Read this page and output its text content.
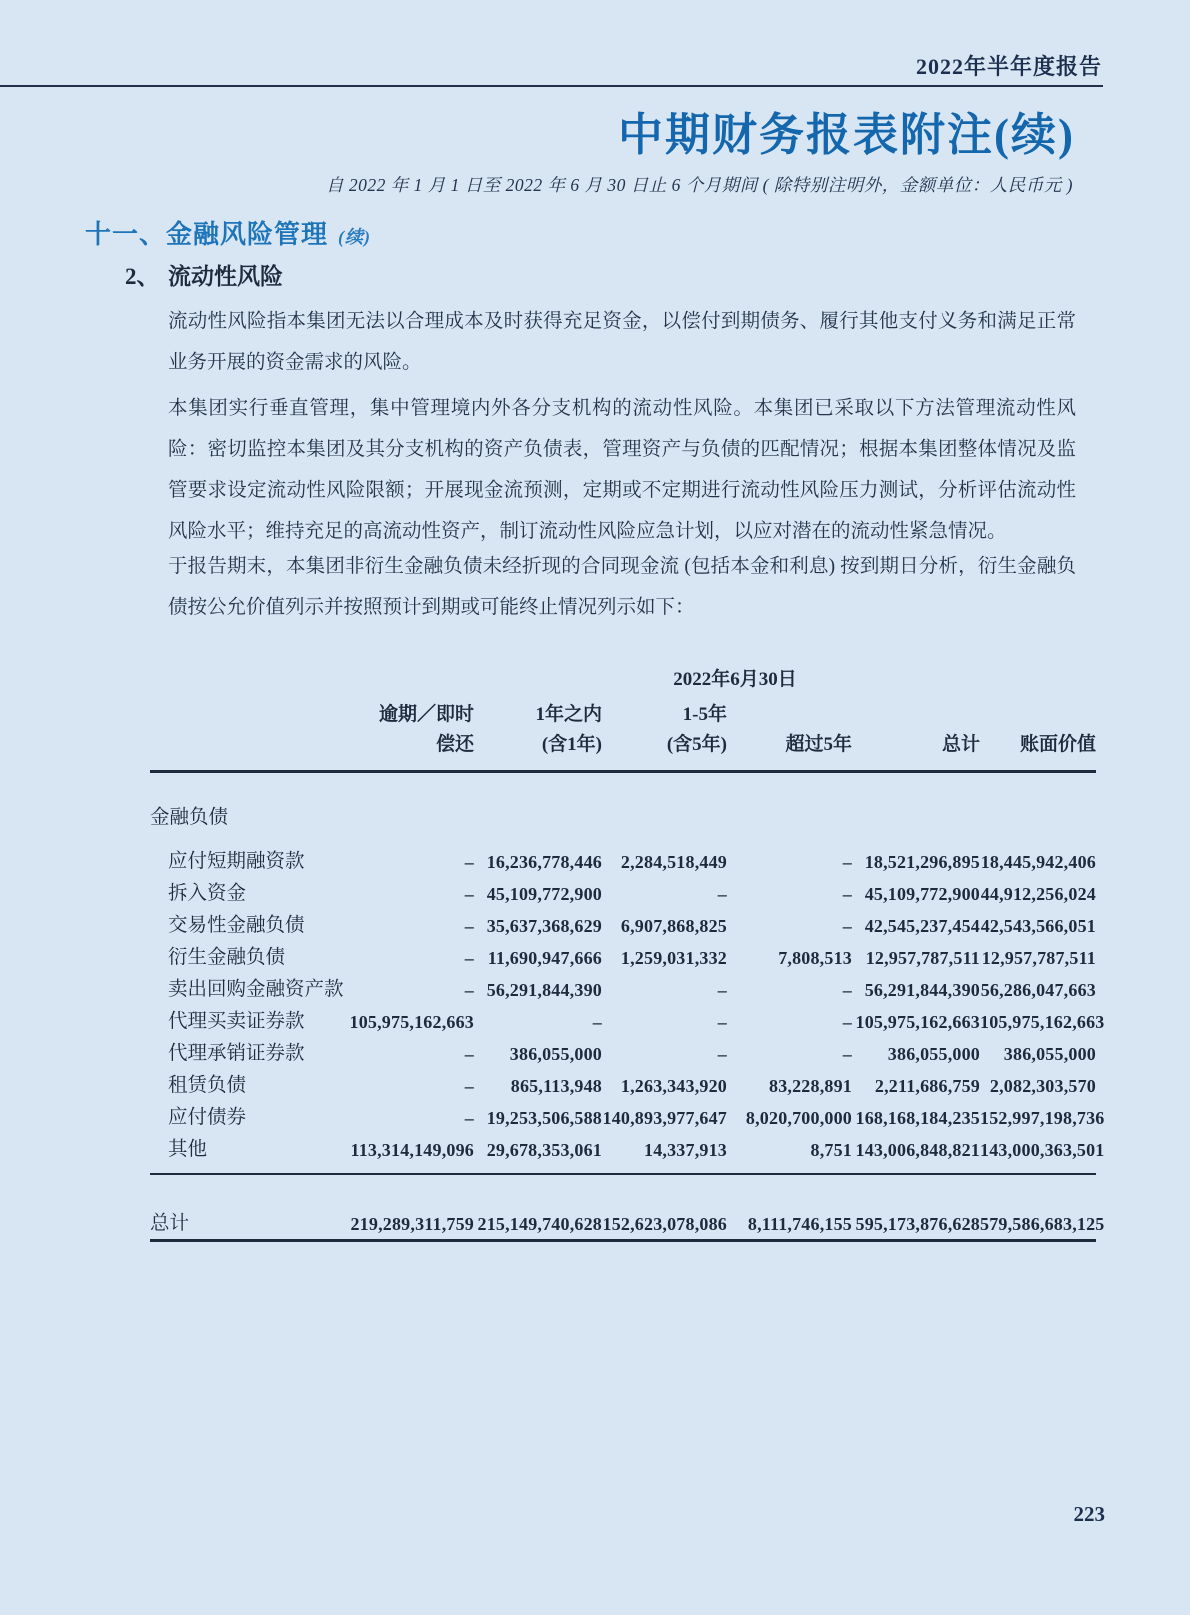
2022年半年度报告
中期财务报表附注(续)
自 2022 年 1 月 1 日至 2022 年 6 月 30 日止 6 个月期间 ( 除特别注明外，金额单位：人民币元 )
十一、金融风险管理 (续)
2、 流动性风险
流动性风险指本集团无法以合理成本及时获得充足资金，以偿付到期债务、履行其他支付义务和满足正常业务开展的资金需求的风险。
本集团实行垂直管理，集中管理境内外各分支机构的流动性风险。本集团已采取以下方法管理流动性风险：密切监控本集团及其分支机构的资产负债表，管理资产与负债的匹配情况；根据本集团整体情况及监管要求设定流动性风险限额；开展现金流预测，定期或不定期进行流动性风险压力测试，分析评估流动性风险水平；维持充足的高流动性资产，制订流动性风险应急计划，以应对潜在的流动性紧急情况。
于报告期末，本集团非衍生金融负债未经折现的合同现金流 (包括本金和利息) 按到期日分析，衍生金融负债按公允价值列示并按照预计到期或可能终止情况列示如下：
2022年6月30日
逾期／即时	1年之内	1-5年
偿还	(含1年)	(含5年)	超过5年	总计	账面价值
金融负债
应付短期融资款	– 16,236,778,446	2,284,518,449	– 18,521,296,895 18,445,942,406
拆入资金	– 45,109,772,900	–	– 45,109,772,900 44,912,256,024
交易性金融负债	– 35,637,368,629	6,907,868,825	– 42,545,237,454 42,543,566,051
衍生金融负债	– 11,690,947,666	1,259,031,332	7,808,513 12,957,787,511 12,957,787,511
卖出回购金融资产款	– 56,291,844,390	–	– 56,291,844,390 56,286,047,663
代理买卖证券款	105,975,162,663	–	–	– 105,975,162,663 105,975,162,663
代理承销证券款	–	386,055,000	–	–	386,055,000	386,055,000
租赁负债	–	865,113,948	1,263,343,920	83,228,891	2,211,686,759 2,082,303,570
应付债券	– 19,253,506,588 140,893,977,647	8,020,700,000 168,168,184,235 152,997,198,736
其他	113,314,149,096 29,678,353,061	14,337,913	8,751 143,006,848,821 143,000,363,501
总计	219,289,311,759 215,149,740,628 152,623,078,086	8,111,746,155 595,173,876,628 579,586,683,125
223
